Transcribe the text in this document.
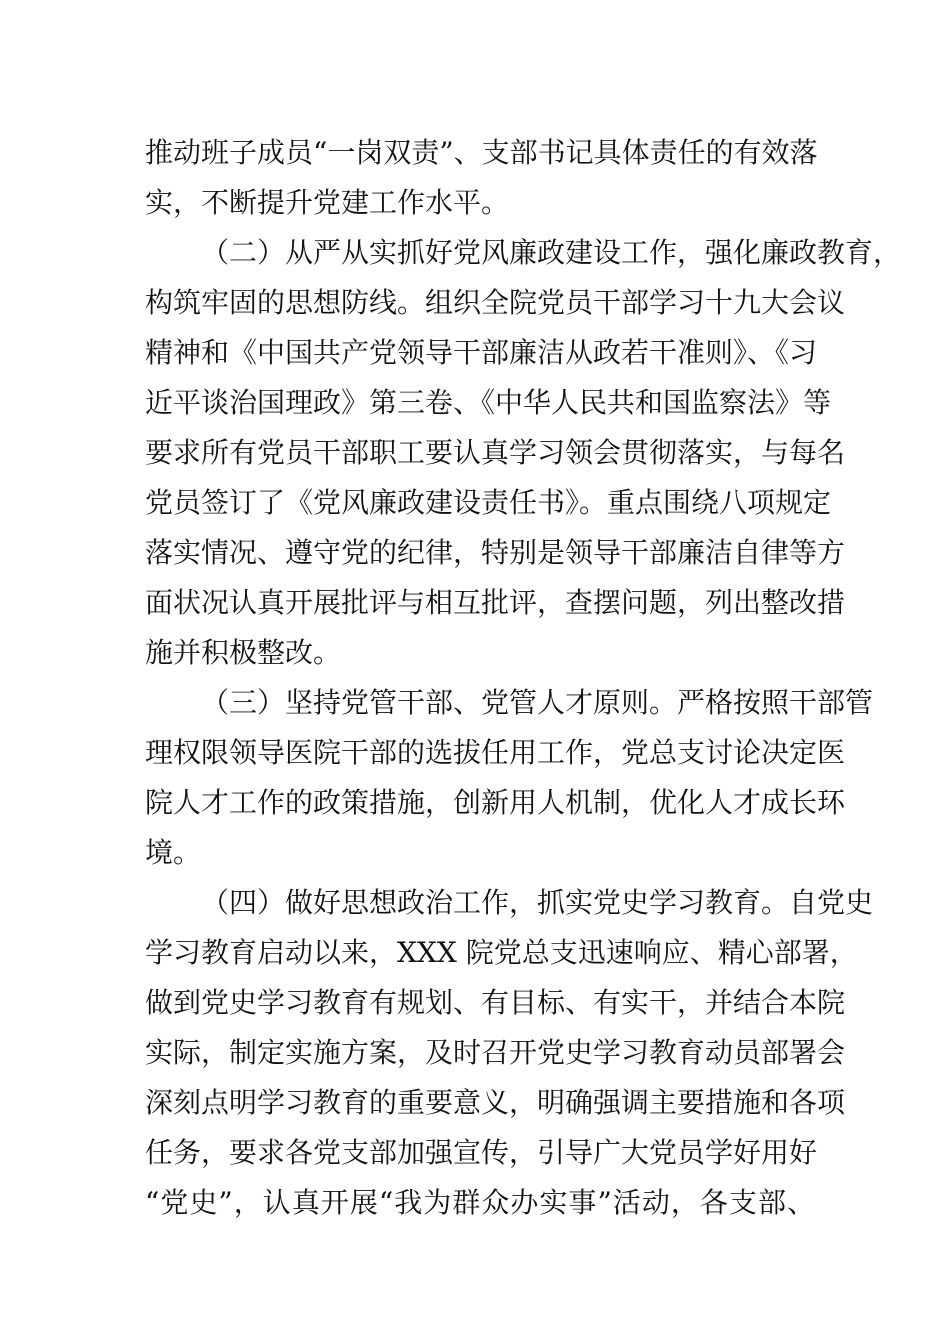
推动班子成员“一岗双责”、支部书记具体责任的有效落
实，不断提升党建工作水平。
（二）从严从实抓好党风廉政建设工作，强化廉政教育，
构筑牢固的思想防线。组织全院党员干部学习十九大会议
精神和《中国共产党领导干部廉洁从政若干准则》、《习
近平谈治国理政》第三卷、《中华人民共和国监察法》等
要求所有党员干部职工要认真学习领会贯彻落实，与每名
党员签订了《党风廉政建设责任书》。重点围绕八项规定
落实情况、遵守党的纪律，特别是领导干部廉洁自律等方
面状况认真开展批评与相互批评，查摆问题，列出整改措
施并积极整改。
（三）坚持党管干部、党管人才原则。严格按照干部管
理权限领导医院干部的选拔任用工作，党总支讨论决定医
院人才工作的政策措施，创新用人机制，优化人才成长环
境。
（四）做好思想政治工作，抓实党史学习教育。自党史
学习教育启动以来，XXX 院党总支迅速响应、精心部署，
做到党史学习教育有规划、有目标、有实干，并结合本院
实际，制定实施方案，及时召开党史学习教育动员部署会
深刻点明学习教育的重要意义，明确强调主要措施和各项
任务，要求各党支部加强宣传，引导广大党员学好用好
“党史”，认真开展“我为群众办实事”活动，各支部、
